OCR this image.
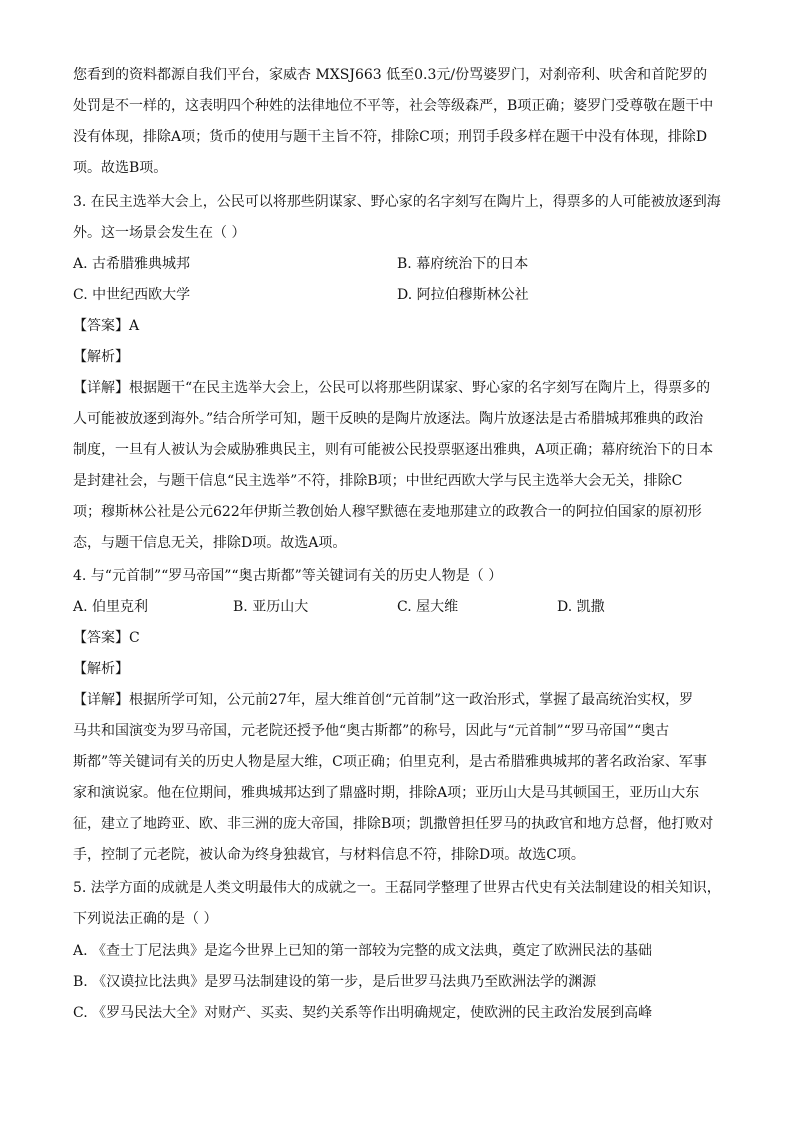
您看到的资料都源自我们平台，家威杏 MXSJ663 低至0.3元/份骂婆罗门，对刹帝利、吠舍和首陀罗的
处罚是不一样的，这表明四个种姓的法律地位不平等，社会等级森严，B项正确；婆罗门受尊敬在题干中
没有体现，排除A项；货币的使用与题干主旨不符，排除C项；刑罚手段多样在题干中没有体现，排除D
项。故选B项。
3. 在民主选举大会上，公民可以将那些阴谋家、野心家的名字刻写在陶片上，得票多的人可能被放逐到海
外。这一场景会发生在（ ）
A. 古希腊雅典城邦	B. 幕府统治下的日本
C. 中世纪西欧大学	D. 阿拉伯穆斯林公社
【答案】A
【解析】
【详解】根据题干“在民主选举大会上，公民可以将那些阴谋家、野心家的名字刻写在陶片上，得票多的
人可能被放逐到海外。”结合所学可知，题干反映的是陶片放逐法。陶片放逐法是古希腊城邦雅典的政治
制度，一旦有人被认为会威胁雅典民主，则有可能被公民投票驱逐出雅典，A项正确；幕府统治下的日本
是封建社会，与题干信息“民主选举”不符，排除B项；中世纪西欧大学与民主选举大会无关，排除C
项；穆斯林公社是公元622年伊斯兰教创始人穆罕默德在麦地那建立的政教合一的阿拉伯国家的原初形
态，与题干信息无关，排除D项。故选A项。
4. 与“元首制”“罗马帝国”“奥古斯都”等关键词有关的历史人物是（ ）
A. 伯里克利	B. 亚历山大	C. 屋大维	D. 凯撒
【答案】C
【解析】
【详解】根据所学可知，公元前27年，屋大维首创“元首制”这一政治形式，掌握了最高统治实权，罗
马共和国演变为罗马帝国，元老院还授予他“奥古斯都”的称号，因此与“元首制”“罗马帝国”“奥古
斯都”等关键词有关的历史人物是屋大维，C项正确；伯里克利，是古希腊雅典城邦的著名政治家、军事
家和演说家。他在位期间，雅典城邦达到了鼎盛时期，排除A项；亚历山大是马其顿国王，亚历山大东
征，建立了地跨亚、欧、非三洲的庞大帝国，排除B项；凯撒曾担任罗马的执政官和地方总督，他打败对
手，控制了元老院，被认命为终身独裁官，与材料信息不符，排除D项。故选C项。
5. 法学方面的成就是人类文明最伟大的成就之一。王磊同学整理了世界古代史有关法制建设的相关知识，
下列说法正确的是（ ）
A. 《查士丁尼法典》是迄今世界上已知的第一部较为完整的成文法典，奠定了欧洲民法的基础
B. 《汉谟拉比法典》是罗马法制建设的第一步，是后世罗马法典乃至欧洲法学的渊源
C. 《罗马民法大全》对财产、买卖、契约关系等作出明确规定，使欧洲的民主政治发展到高峰
